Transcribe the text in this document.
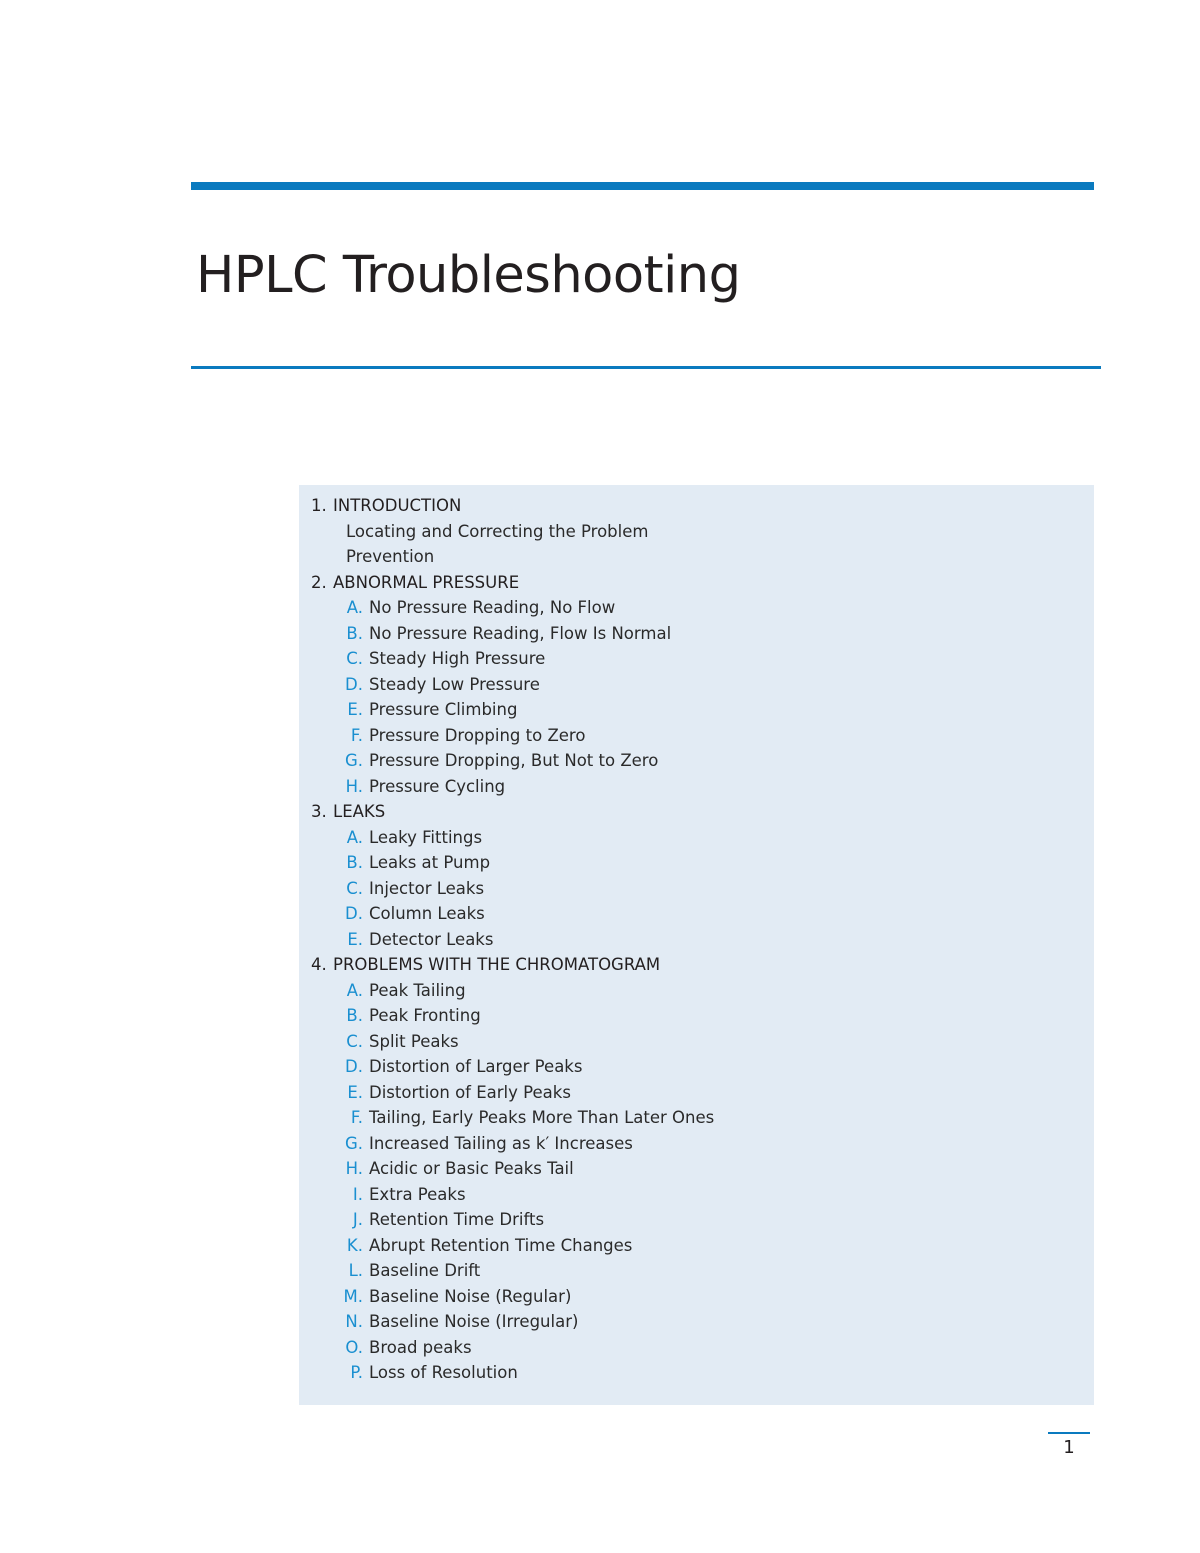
HPLC Troubleshooting
1. INTRODUCTION
Locating and Correcting the Problem
Prevention
2. ABNORMAL PRESSURE
A. No Pressure Reading, No Flow
B. No Pressure Reading, Flow Is Normal
C. Steady High Pressure
D. Steady Low Pressure
E. Pressure Climbing
F. Pressure Dropping to Zero
G. Pressure Dropping, But Not to Zero
H. Pressure Cycling
3. LEAKS
A. Leaky Fittings
B. Leaks at Pump
C. Injector Leaks
D. Column Leaks
E. Detector Leaks
4. PROBLEMS WITH THE CHROMATOGRAM
A. Peak Tailing
B. Peak Fronting
C. Split Peaks
D. Distortion of Larger Peaks
E. Distortion of Early Peaks
F. Tailing, Early Peaks More Than Later Ones
G. Increased Tailing as k′ Increases
H. Acidic or Basic Peaks Tail
I. Extra Peaks
J. Retention Time Drifts
K. Abrupt Retention Time Changes
L. Baseline Drift
M. Baseline Noise (Regular)
N. Baseline Noise (Irregular)
O. Broad peaks
P. Loss of Resolution
1
